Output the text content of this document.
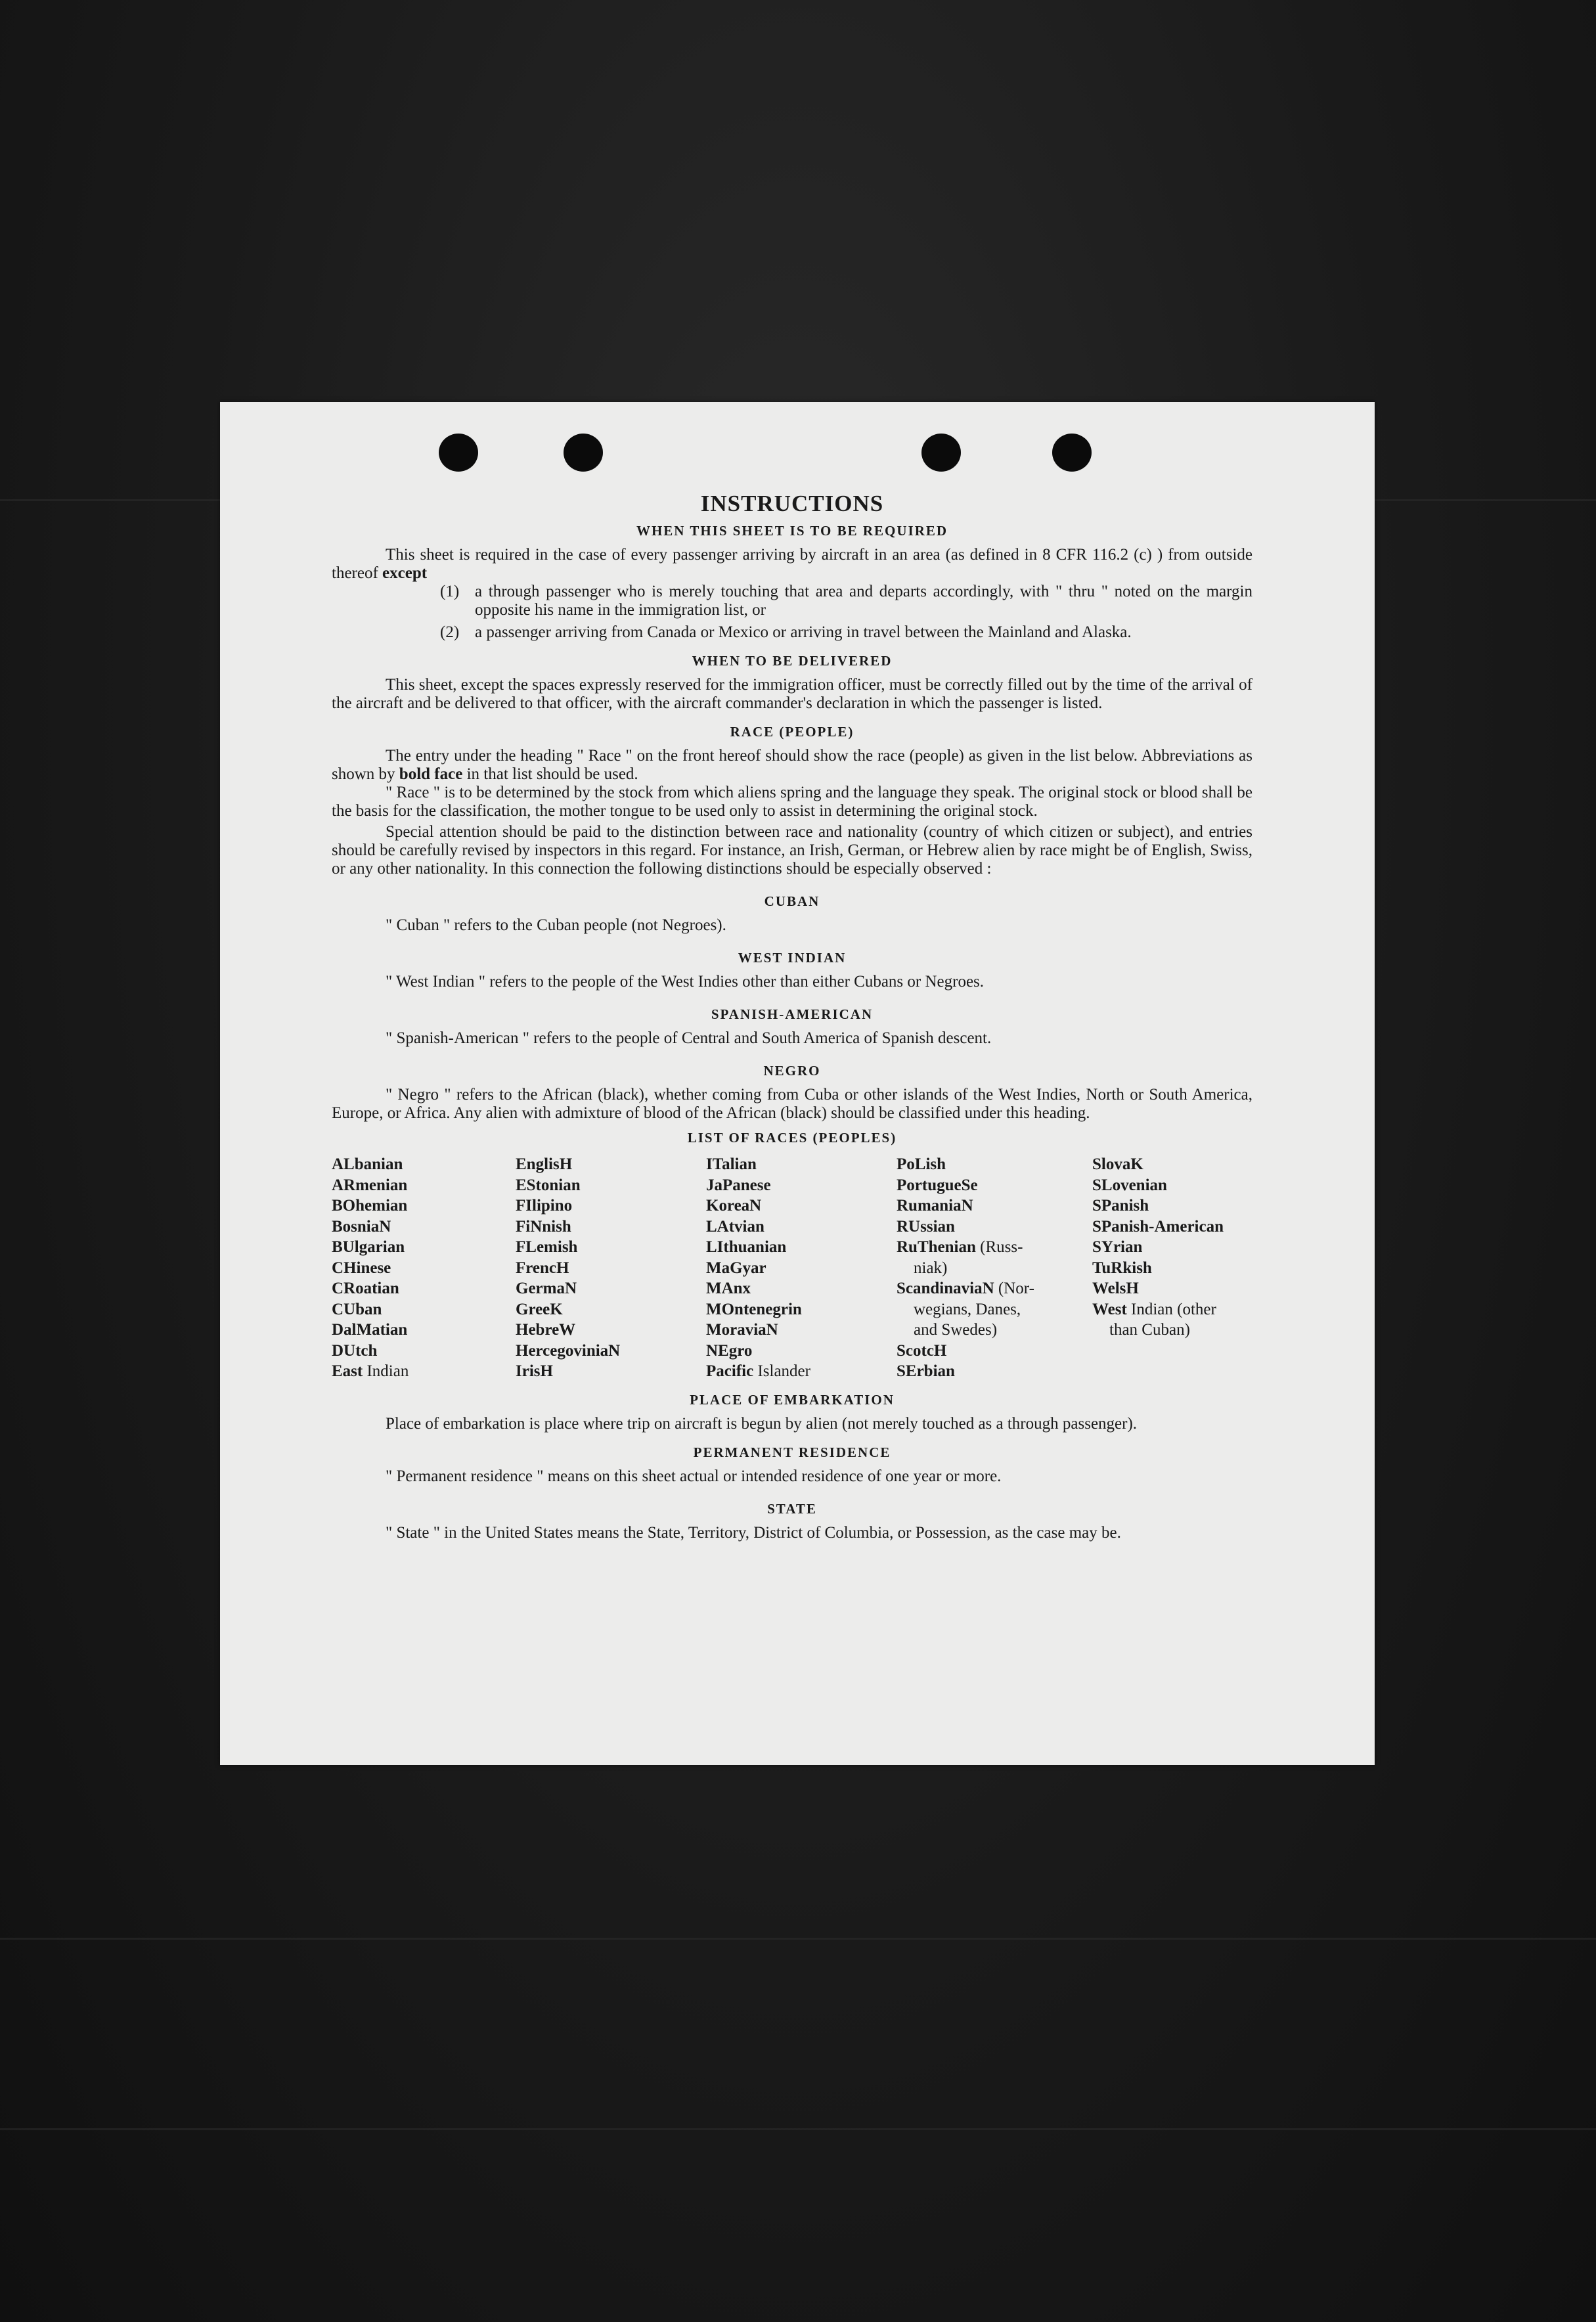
INSTRUCTIONS
WHEN THIS SHEET IS TO BE REQUIRED

This sheet is required in the case of every passenger arriving by aircraft in an area (as defined in 8 CFR 116.2 (c) ) from outside thereof except

(1) a through passenger who is merely touching that area and departs accordingly, with " thru " noted on the margin opposite his name in the immigration list, or
(2) a passenger arriving from Canada or Mexico or arriving in travel between the Mainland and Alaska.
WHEN TO BE DELIVERED

This sheet, except the spaces expressly reserved for the immigration officer, must be correctly filled out by the time of the arrival of the aircraft and be delivered to that officer, with the aircraft commander's declaration in which the passenger is listed.

RACE (PEOPLE)

The entry under the heading " Race " on the front hereof should show the race (people) as given in the list below. Abbreviations as shown by bold face in that list should be used.

" Race " is to be determined by the stock from which aliens spring and the language they speak. The original stock or blood shall be the basis for the classification, the mother tongue to be used only to assist in determining the original stock.

Special attention should be paid to the distinction between race and nationality (country of which citizen or subject), and entries should be carefully revised by inspectors in this regard. For instance, an Irish, German, or Hebrew alien by race might be of English, Swiss, or any other nationality. In this connection the following distinctions should be especially observed :

CUBAN

" Cuban " refers to the Cuban people (not Negroes).

WEST INDIAN

" West Indian " refers to the people of the West Indies other than either Cubans or Negroes.

SPANISH-AMERICAN

" Spanish-American " refers to the people of Central and South America of Spanish descent.

NEGRO

" Negro " refers to the African (black), whether coming from Cuba or other islands of the West Indies, North or South America, Europe, or Africa. Any alien with admixture of blood of the African (black) should be classified under this heading.

LIST OF RACES (PEOPLES)
ALbanian
ARmenian
BOhemian
BosniaN
BUlgarian
CHinese
CRoatian
CUban
DalMatian
DUtch
East Indian
EnglisH
EStonian
FIlipino
FiNnish
FLemish
FrencH
GermaN
GreeK
HebreW
HercegoviniaN
IrisH
ITalian
JaPanese
KoreaN
LAtvian
LIthuanian
MaGyar
MAnx
MOntenegrin
MoraviaN
NEgro
Pacific Islander
PoLish
PortugueSe
RumaniaN
RUssian
RuThenian (Russ-
niak)
ScandinaviaN (Nor-
wegians, Danes,
and Swedes)
ScotcH
SErbian
SlovaK
SLovenian
SPanish
SPanish-American
SYrian
TuRkish
WelsH
West Indian (other
than Cuban)

PLACE OF EMBARKATION

Place of embarkation is place where trip on aircraft is begun by alien (not merely touched as a through passenger).

PERMANENT RESIDENCE

" Permanent residence " means on this sheet actual or intended residence of one year or more.

STATE

" State " in the United States means the State, Territory, District of Columbia, or Possession, as the case may be.
